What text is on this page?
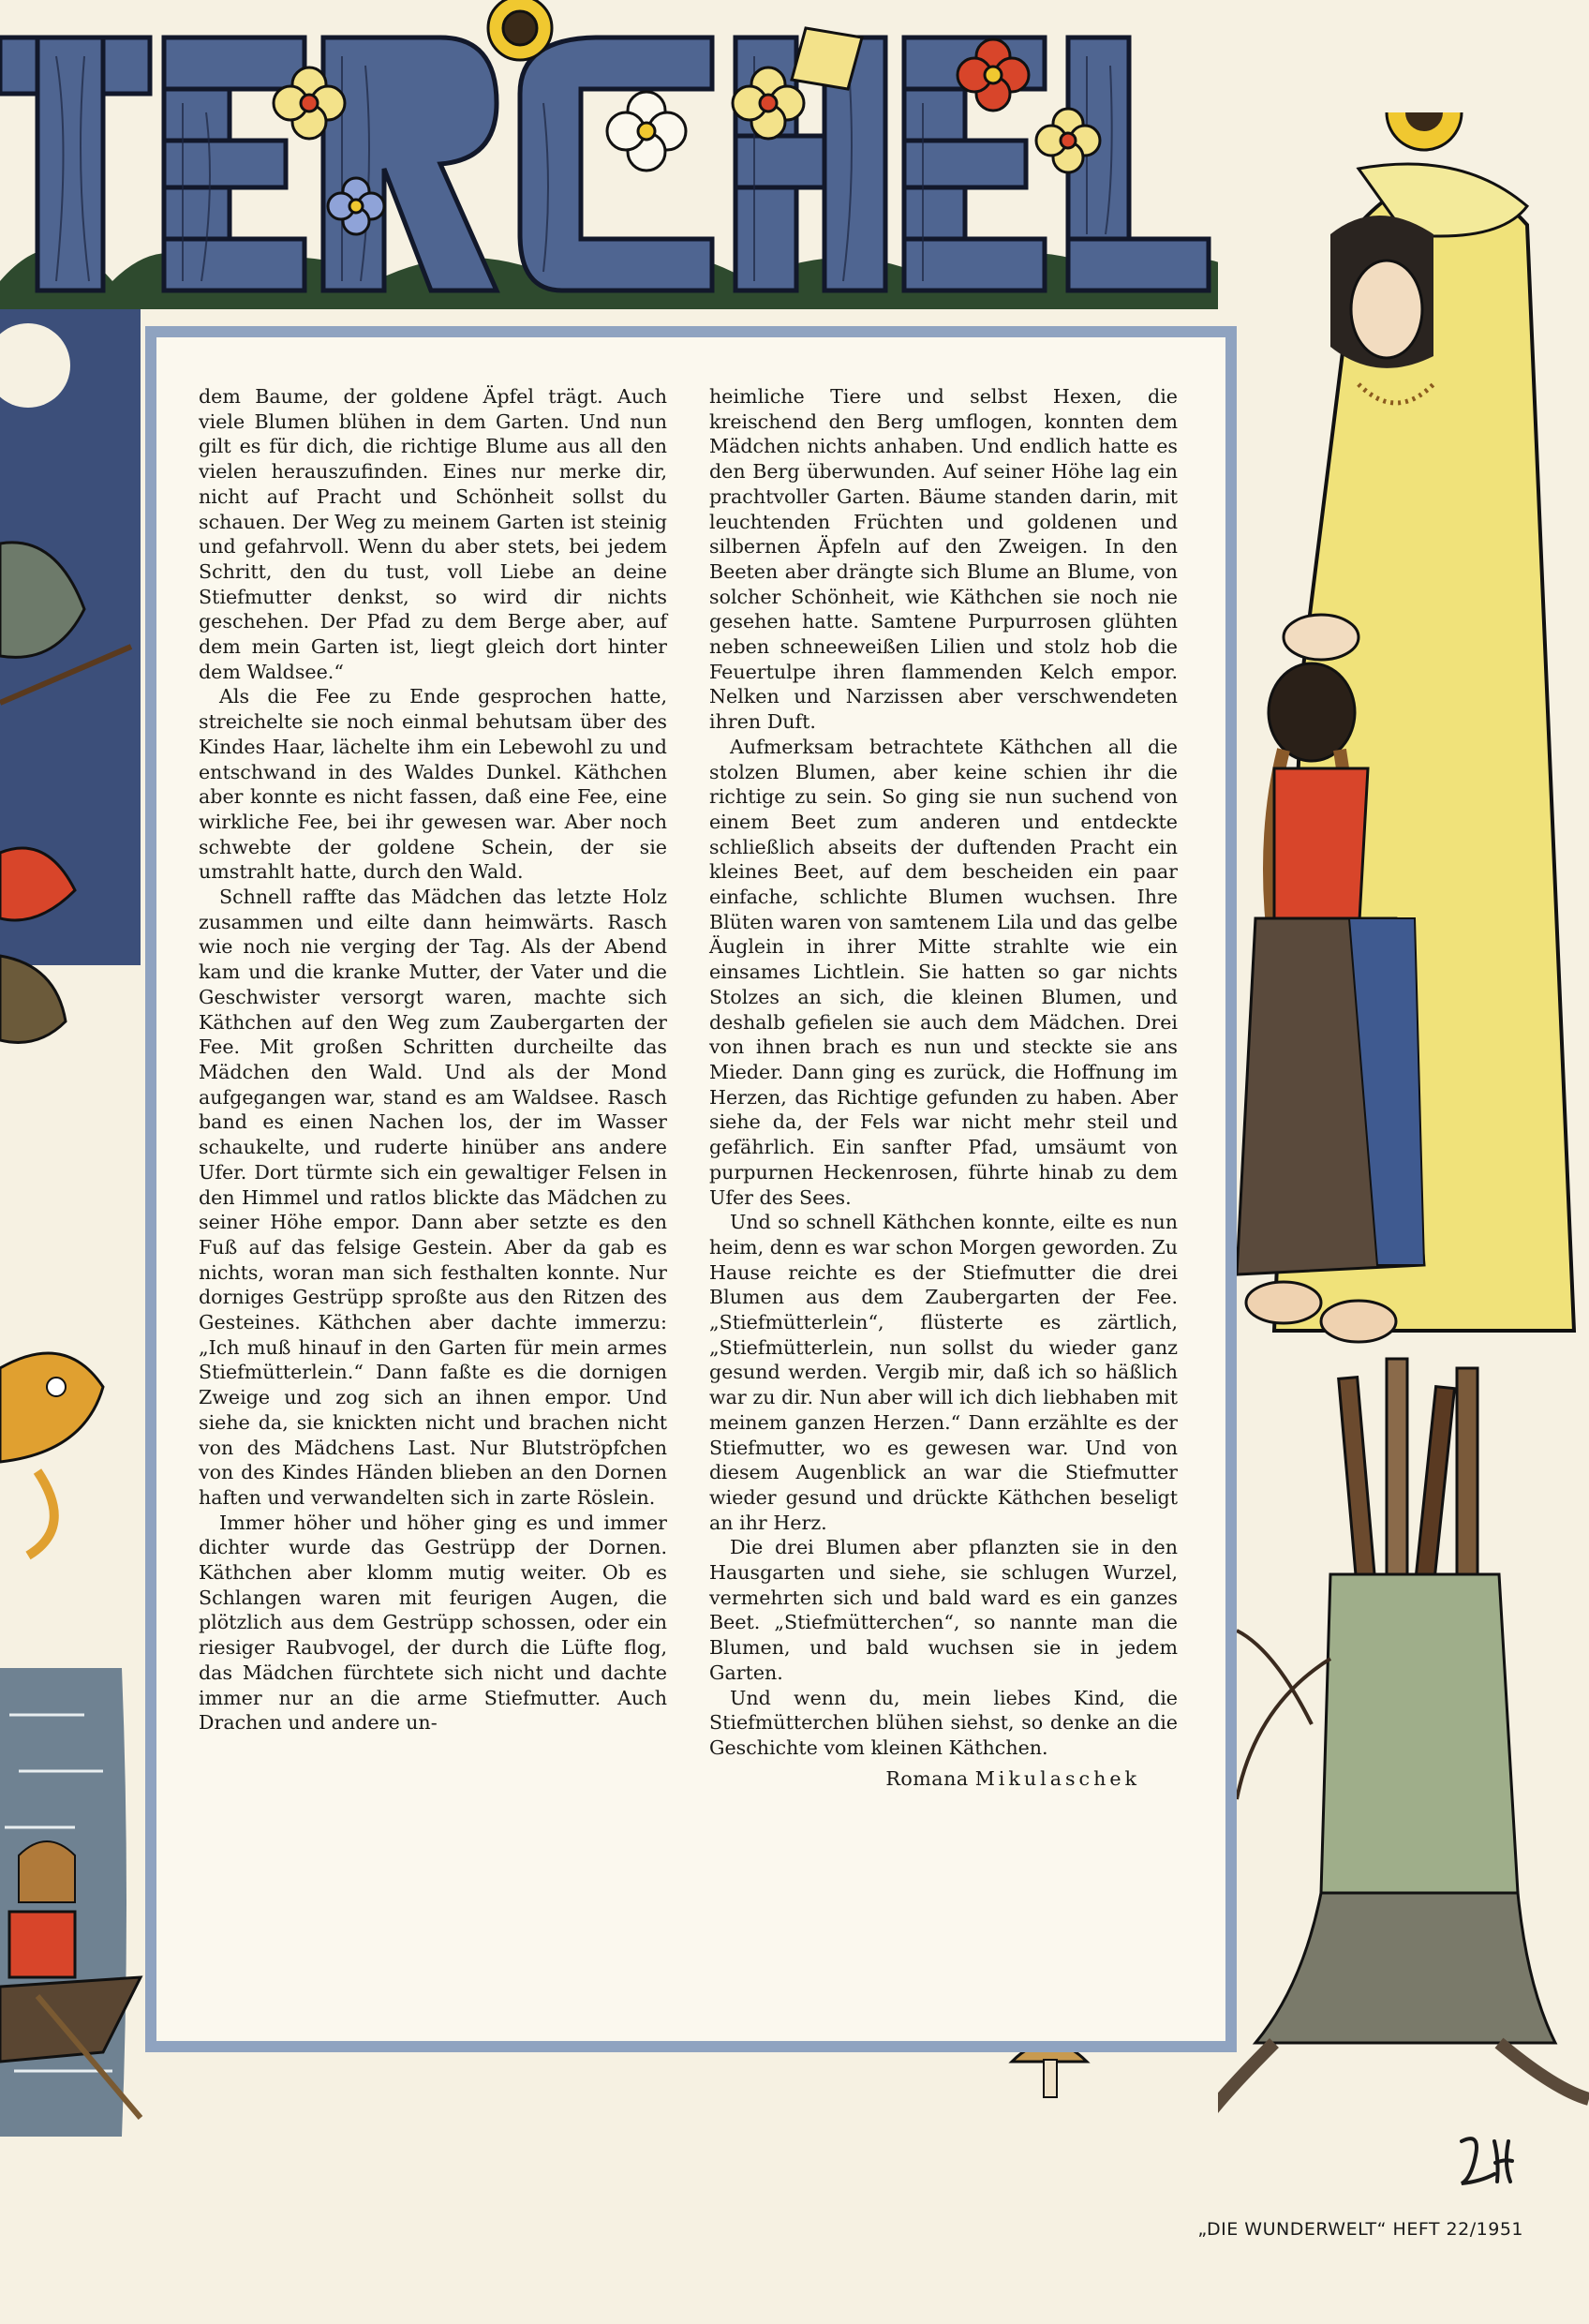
dem Baume, der goldene Äpfel trägt. Auch viele Blumen blühen in dem Garten. Und nun gilt es für dich, die richtige Blume aus all den vielen herauszufinden. Eines nur merke dir, nicht auf Pracht und Schönheit sollst du schauen. Der Weg zu meinem Garten ist steinig und gefahrvoll. Wenn du aber stets, bei jedem Schritt, den du tust, voll Liebe an deine Stiefmutter denkst, so wird dir nichts geschehen. Der Pfad zu dem Berge aber, auf dem mein Garten ist, liegt gleich dort hinter dem Waldsee.“

Als die Fee zu Ende gesprochen hatte, streichelte sie noch einmal behutsam über des Kindes Haar, lächelte ihm ein Lebewohl zu und entschwand in des Waldes Dunkel. Käthchen aber konnte es nicht fassen, daß eine Fee, eine wirkliche Fee, bei ihr gewesen war. Aber noch schwebte der goldene Schein, der sie umstrahlt hatte, durch den Wald.

Schnell raffte das Mädchen das letzte Holz zusammen und eilte dann heimwärts. Rasch wie noch nie verging der Tag. Als der Abend kam und die kranke Mutter, der Vater und die Geschwister versorgt waren, machte sich Käthchen auf den Weg zum Zaubergarten der Fee. Mit großen Schritten durcheilte das Mädchen den Wald. Und als der Mond aufgegangen war, stand es am Waldsee. Rasch band es einen Nachen los, der im Wasser schaukelte, und ruderte hinüber ans andere Ufer. Dort türmte sich ein gewaltiger Felsen in den Himmel und ratlos blickte das Mädchen zu seiner Höhe empor. Dann aber setzte es den Fuß auf das felsige Gestein. Aber da gab es nichts, woran man sich festhalten konnte. Nur dorniges Gestrüpp sproßte aus den Ritzen des Gesteines. Käthchen aber dachte immerzu: „Ich muß hinauf in den Garten für mein armes Stiefmütterlein.“ Dann faßte es die dornigen Zweige und zog sich an ihnen empor. Und siehe da, sie knickten nicht und brachen nicht von des Mädchens Last. Nur Blutströpfchen von des Kindes Händen blieben an den Dornen haften und verwandelten sich in zarte Röslein.

Immer höher und höher ging es und immer dichter wurde das Gestrüpp der Dornen. Käthchen aber klomm mutig weiter. Ob es Schlangen waren mit feurigen Augen, die plötzlich aus dem Gestrüpp schossen, oder ein riesiger Raubvogel, der durch die Lüfte flog, das Mädchen fürchtete sich nicht und dachte immer nur an die arme Stiefmutter. Auch Drachen und andere un-

heimliche Tiere und selbst Hexen, die kreischend den Berg umflogen, konnten dem Mädchen nichts anhaben. Und endlich hatte es den Berg überwunden. Auf seiner Höhe lag ein prachtvoller Garten. Bäume standen darin, mit leuchtenden Früchten und goldenen und silbernen Äpfeln auf den Zweigen. In den Beeten aber drängte sich Blume an Blume, von solcher Schönheit, wie Käthchen sie noch nie gesehen hatte. Samtene Purpurrosen glühten neben schneeweißen Lilien und stolz hob die Feuertulpe ihren flammenden Kelch empor. Nelken und Narzissen aber verschwendeten ihren Duft.

Aufmerksam betrachtete Käthchen all die stolzen Blumen, aber keine schien ihr die richtige zu sein. So ging sie nun suchend von einem Beet zum anderen und entdeckte schließlich abseits der duftenden Pracht ein kleines Beet, auf dem bescheiden ein paar einfache, schlichte Blumen wuchsen. Ihre Blüten waren von samtenem Lila und das gelbe Äuglein in ihrer Mitte strahlte wie ein einsames Lichtlein. Sie hatten so gar nichts Stolzes an sich, die kleinen Blumen, und deshalb gefielen sie auch dem Mädchen. Drei von ihnen brach es nun und steckte sie ans Mieder. Dann ging es zurück, die Hoffnung im Herzen, das Richtige gefunden zu haben. Aber siehe da, der Fels war nicht mehr steil und gefährlich. Ein sanfter Pfad, umsäumt von purpurnen Heckenrosen, führte hinab zu dem Ufer des Sees.

Und so schnell Käthchen konnte, eilte es nun heim, denn es war schon Morgen geworden. Zu Hause reichte es der Stiefmutter die drei Blumen aus dem Zaubergarten der Fee. „Stiefmütterlein“, flüsterte es zärtlich, „Stiefmütterlein, nun sollst du wieder ganz gesund werden. Vergib mir, daß ich so häßlich war zu dir. Nun aber will ich dich liebhaben mit meinem ganzen Herzen.“ Dann erzählte es der Stiefmutter, wo es gewesen war. Und von diesem Augenblick an war die Stiefmutter wieder gesund und drückte Käthchen beseligt an ihr Herz.

Die drei Blumen aber pflanzten sie in den Hausgarten und siehe, sie schlugen Wurzel, vermehrten sich und bald ward es ein ganzes Beet. „Stiefmütterchen“, so nannte man die Blumen, und bald wuchsen sie in jedem Garten.

Und wenn du, mein liebes Kind, die Stiefmütterchen blühen siehst, so denke an die Geschichte vom kleinen Käthchen.

Romana Mikulaschek
„DIE WUNDERWELT“ HEFT 22/1951
